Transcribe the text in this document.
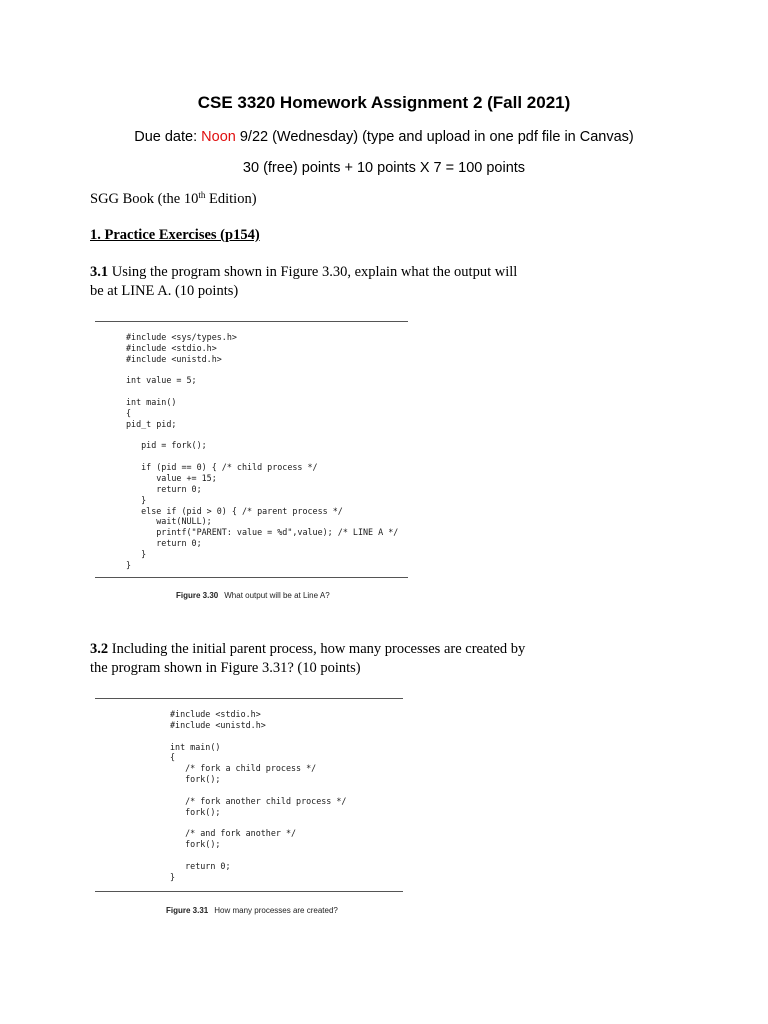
CSE 3320 Homework Assignment 2 (Fall 2021)
Due date: Noon 9/22 (Wednesday) (type and upload in one pdf file in Canvas)
30 (free) points + 10 points X 7 = 100 points
SGG Book (the 10th Edition)
1. Practice Exercises (p154)
3.1 Using the program shown in Figure 3.30, explain what the output will
be at LINE A. (10 points)
#include <sys/types.h>
#include <stdio.h>
#include <unistd.h>

int value = 5;

int main()
{
pid_t pid;

pid = fork();

if (pid == 0) { /* child process */
value += 15;
return 0;
}
else if (pid > 0) { /* parent process */
wait(NULL);
printf("PARENT: value = %d",value); /* LINE A */
return 0;
}
}
Figure 3.30 What output will be at Line A?
3.2 Including the initial parent process, how many processes are created by
the program shown in Figure 3.31? (10 points)
#include <stdio.h>
#include <unistd.h>

int main()
{
/* fork a child process */
fork();

/* fork another child process */
fork();

/* and fork another */
fork();

return 0;
}
Figure 3.31 How many processes are created?
